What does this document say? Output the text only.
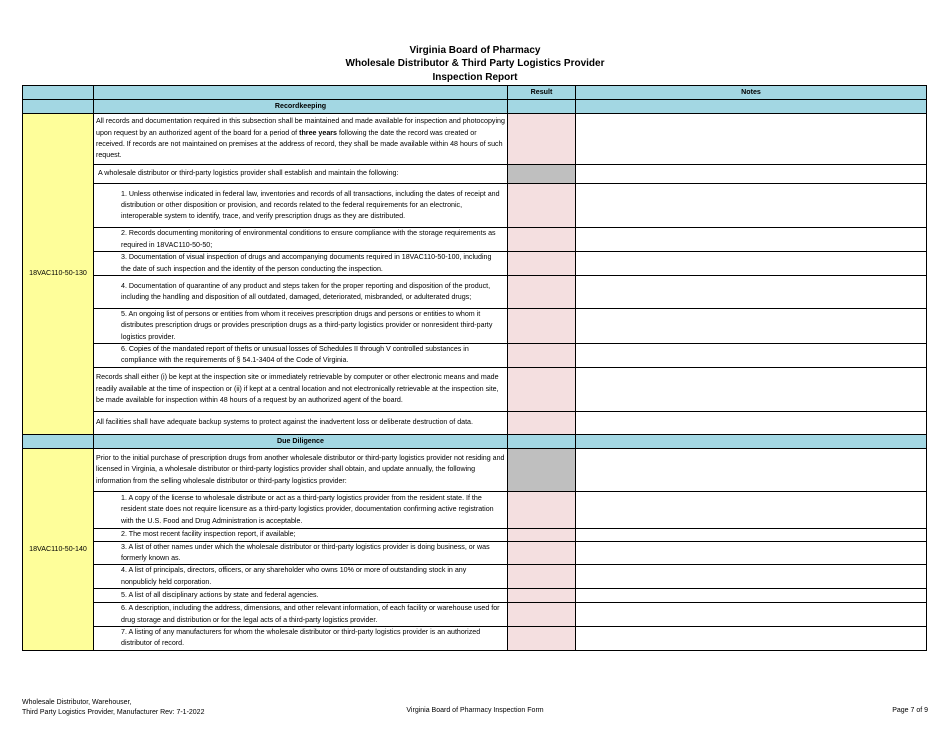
Virginia Board of Pharmacy
Wholesale Distributor & Third Party Logistics Provider
Inspection Report
		Result	Notes
	Recordkeeping		
18VAC110-50-130	All records and documentation required in this subsection shall be maintained and made available for inspection and photocopying upon request by an authorized agent of the board for a period of three years following the date the record was created or received. If records are not maintained on premises at the address of record, they shall be made available within 48 hours of such request.		
	A wholesale distributor or third-party logistics provider shall establish and maintain the following:		
	1. Unless otherwise indicated in federal law, inventories and records of all transactions, including the dates of receipt and distribution or other disposition or provision, and records related to the federal requirements for an electronic, interoperable system to identify, trace, and verify prescription drugs as they are distributed.		
	2. Records documenting monitoring of environmental conditions to ensure compliance with the storage requirements as required in 18VAC110-50-50;		
	3. Documentation of visual inspection of drugs and accompanying documents required in 18VAC110-50-100, including the date of such inspection and the identity of the person conducting the inspection.		
	4. Documentation of quarantine of any product and steps taken for the proper reporting and disposition of the product, including the handling and disposition of all outdated, damaged, deteriorated, misbranded, or adulterated drugs;		
	5. An ongoing list of persons or entities from whom it receives prescription drugs and persons or entities to whom it distributes prescription drugs or provides prescription drugs as a third-party logistics provider or nonresident third-party logistics provider.		
	6. Copies of the mandated report of thefts or unusual losses of Schedules II through V controlled substances in compliance with the requirements of § 54.1-3404 of the Code of Virginia.		
	Records shall either (i) be kept at the inspection site or immediately retrievable by computer or other electronic means and made readily available at the time of inspection or (ii) if kept at a central location and not electronically retrievable at the inspection site, be made available for inspection within 48 hours of a request by an authorized agent of the board.		
	All facilities shall have adequate backup systems to protect against the inadvertent loss or deliberate destruction of data.		
	Due Diligence		
18VAC110-50-140	Prior to the initial purchase of prescription drugs from another wholesale distributor or third-party logistics provider not residing and licensed in Virginia, a wholesale distributor or third-party logistics provider shall obtain, and update annually, the following information from the selling wholesale distributor or third-party logistics provider:		
	1. A copy of the license to wholesale distribute or act as a third-party logistics provider from the resident state. If the resident state does not require licensure as a third-party logistics provider, documentation confirming active registration with the U.S. Food and Drug Administration is acceptable.		
	2. The most recent facility inspection report, if available;		
	3. A list of other names under which the wholesale distributor or third-party logistics provider is doing business, or was formerly known as.		
	4. A list of principals, directors, officers, or any shareholder who owns 10% or more of outstanding stock in any nonpublicly held corporation.		
	5. A list of all disciplinary actions by state and federal agencies.		
	6. A description, including the address, dimensions, and other relevant information, of each facility or warehouse used for drug storage and distribution or for the legal acts of a third-party logistics provider.		
	7. A listing of any manufacturers for whom the wholesale distributor or third-party logistics provider is an authorized distributor of record.		
Wholesale Distributor, Warehouser,
Third Party Logistics Provider, Manufacturer Rev: 7-1-2022	Virginia Board of Pharmacy Inspection Form	Page 7 of 9
